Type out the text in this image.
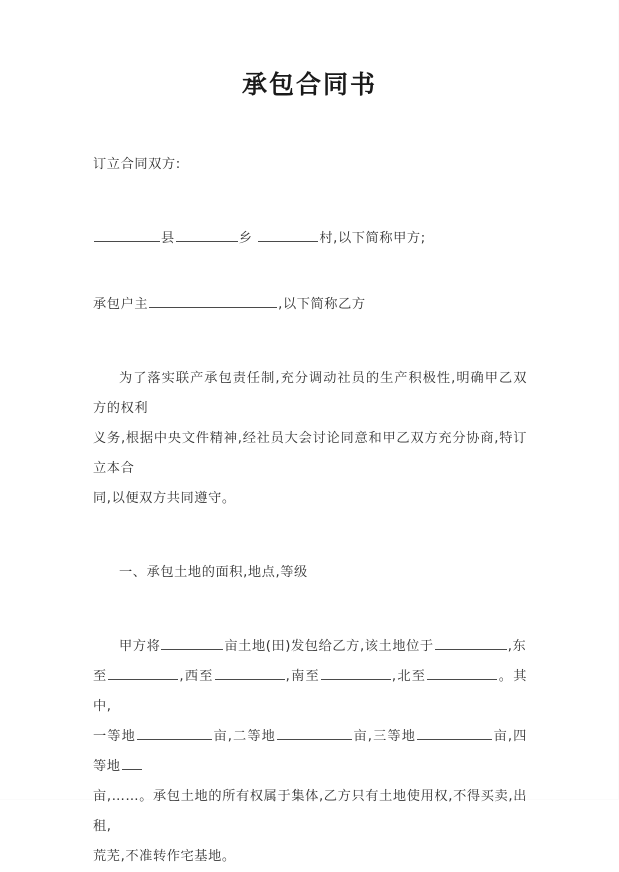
承包合同书

订立合同双方:

县	乡	村,以下简称甲方;

承包户主	,以下简称乙方

为了落实联产承包责任制,充分调动社员的生产积极性,明确甲乙双方的权利

义务,根据中央文件精神,经社员大会讨论同意和甲乙双方充分协商,特订立本合

同,以便双方共同遵守。

一、承包土地的面积,地点,等级

甲方将	亩土地(田)发包给乙方,该土地位于	,东

至	,西至	,南至	,北至	。其中,

一等地	亩,二等地	亩,三等地	亩,四等地

亩,……。承包土地的所有权属于集体,乙方只有土地使用权,不得买卖,出租,

荒芜,不准转作宅基地。
